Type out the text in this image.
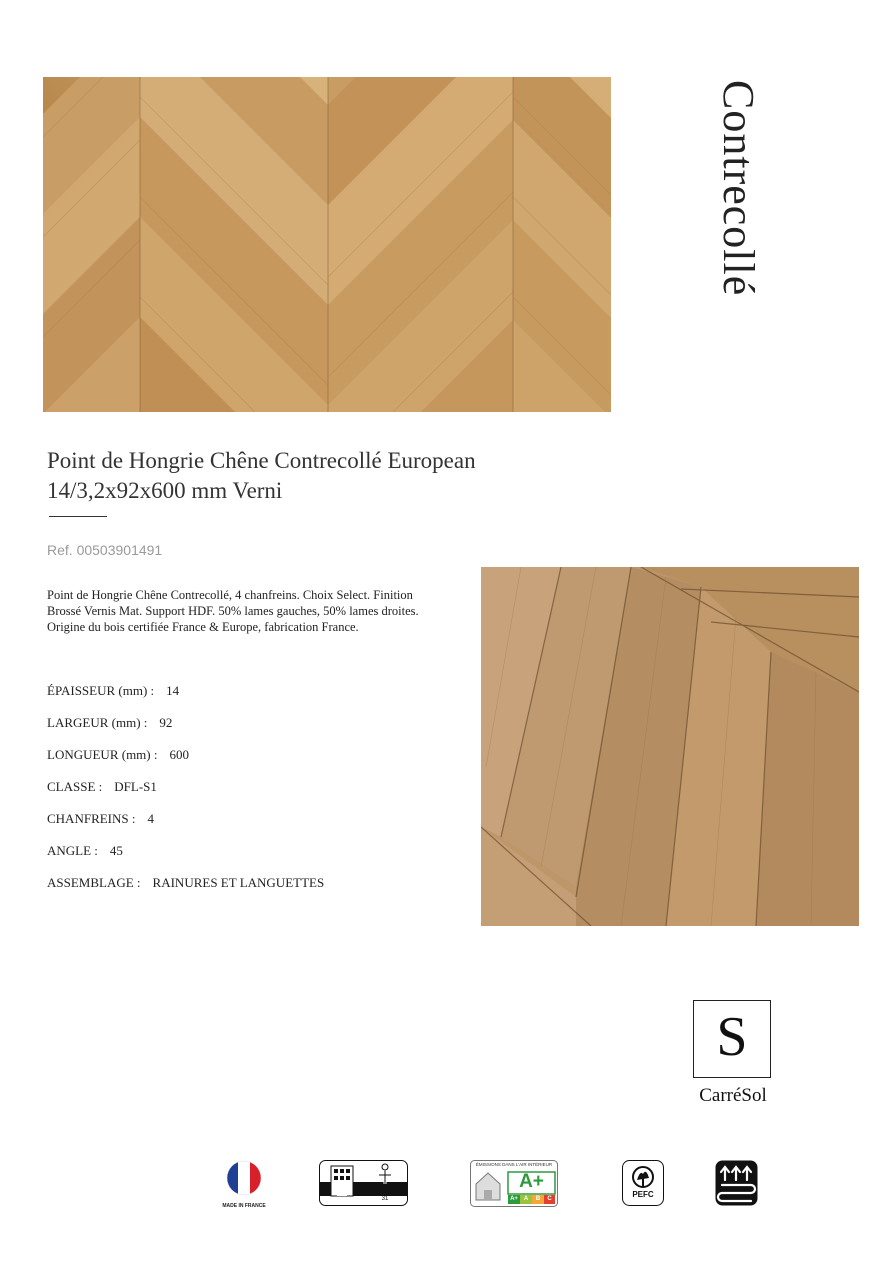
Contrecollé
Point de Hongrie Chêne Contrecollé European
14/3,2x92x600 mm Verni
Ref. 00503901491
Point de Hongrie Chêne Contrecollé, 4 chanfreins. Choix Select. Finition Brossé Vernis Mat. Support HDF. 50% lames gauches, 50% lames droites. Origine du bois certifiée France & Europe, fabrication France.
ÉPAISSEUR (mm) : 14
LARGEUR (mm) : 92
LONGUEUR (mm) : 600
CLASSE : DFL-S1
CHANFREINS : 4
ANGLE : 45
ASSEMBLAGE : RAINURES ET LANGUETTES
S
CarréSol
MADE IN FRANCE
31
ÉMISSIONS DANS L'AIR INTÉRIEUR
A+
A+ A	B	C	PEFC
